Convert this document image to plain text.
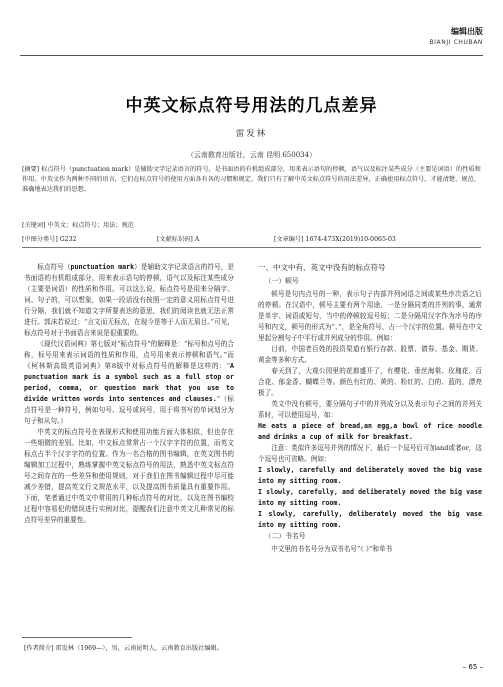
编辑出版
BIANJI CHUBAN
中英文标点符号用法的几点差异
雷发林
（云南教育出版社，云南 昆明 650034）
[摘要] 标点符号（punctuation mark）是辅助文字记录语言的符号，是书面语的有机组成部分，用来表示语句的停顿，语气以及标注某些成分（主要是词语）的性质和作用。中英文作为两种不同的语言，它们在标点符号的使用方面各有各的习惯和规定。我们只有了解中英文标点符号的用法差异，正确使用标点符号，才能清楚、规范、准确地表达我们的思想。
[关键词] 中英文；标点符号；用法；规范
[中图分类号] G232	[文献标识码] A	[文章编号] 1674-473X(2019)10-0065-03

标点符号（punctuation mark）是辅助文字记录语言的符号，是书面语的有机组成部分，用来表示语句的停顿，语气以及标注某些成分（主要是词语）的性质和作用。可以这么说，标点符号是用来分隔字、词、句子的，可以想象，如果一段话没有按照一定的意义用标点符号进行分隔，我们就不知道文字所要表达的意思，我们的阅读也就无法正常进行。郭沫若说过：“言文而无标点，在现今是等于人而无眉目。”可见，标点符号对于书面语言来说是很重要的。

《现代汉语词典》第七版对“标点符号”的解释是：“标号和点号的合称，标号用来表示词语的性质和作用，点号用来表示停顿和语气。”而《柯林斯高级英语词典》第8版中对标点符号的解释是这样的：“A punctuation mark is a symbol such as a full stop or period, comma, or question mark that you use to divide written words into sentences and clauses.”（标点符号是一种符号，例如句号、逗号或问号，用于将书写的单词划分为句子和从句。）

中英文的标点符号在表现形式和使用功能方面大体相似，但也存在一些细微的差别。比如，中文标点常常占一个汉字字符的位置，而英文标点占半个汉字字符的位置。作为一名合格的图书编辑，在英文图书的编辑加工过程中，熟练掌握中英文标点符号的用法，熟悉中英文标点符号之间存在的一些差异和使用规则，对于我们在图书编辑过程中尽可能减少差错，提高英文行文规范水平，以及提高图书质量具有重要作用。下面，笔者通过中英文中常用的几种标点符号的对比，以及在图书编校过程中容易犯的错误进行实例对比，提醒我们注意中英文几种常见的标点符号差异的重要性。

一、中文中有、英文中没有的标点符号
（一）顿号

顿号是句内点号的一种，表示句子内部并列词语之间或某些序次语之后的停顿。在汉语中，顿号主要有两个用途，一是分隔同类的并列的事，通常是单字、词语或短句，当中的停顿较逗号短；二是分隔用汉字作为序号的序号和内文，顿号的形式为“、”，是全角符号，占一个汉字的位置。顿号在中文里起分割句子中平行或并列成分的作用。例如：

目前，中国老百姓的投资渠道有银行存款、股票、债券、基金、期货、黄金等多种方式。

春天到了，大观公园里的花都盛开了，有樱花、垂丝海棠、玫瑰花、百合花、郁金香、蝴蝶兰等。颜色有红的、黄的、粉红的、白的、蓝的，漂亮极了。

英文中没有顿号，要分隔句子中的并列成分以及表示句子之间的并列关系时，可以使用逗号，如：

He eats a piece of bread,an egg,a bowl of rice noodle and drinks a cup of milk for breakfast.

注意：类似许多逗号并列的情况下，最后一个逗号后可加and或者or，这个逗号也可省略。例如：

I slowly, carefully and deliberately moved the big vase into my sitting room.

I slowly, carefully, and deliberately moved the big vase into my sitting room.

I slowly, carefully, deliberately moved the big vase into my sitting room.

（二）书名号

中文里的书名号分为双书名号“《 》”和单书

[作者简介] 雷发林（1969—），男，云南昆明人，云南教育出版社编辑。
– 65 –
